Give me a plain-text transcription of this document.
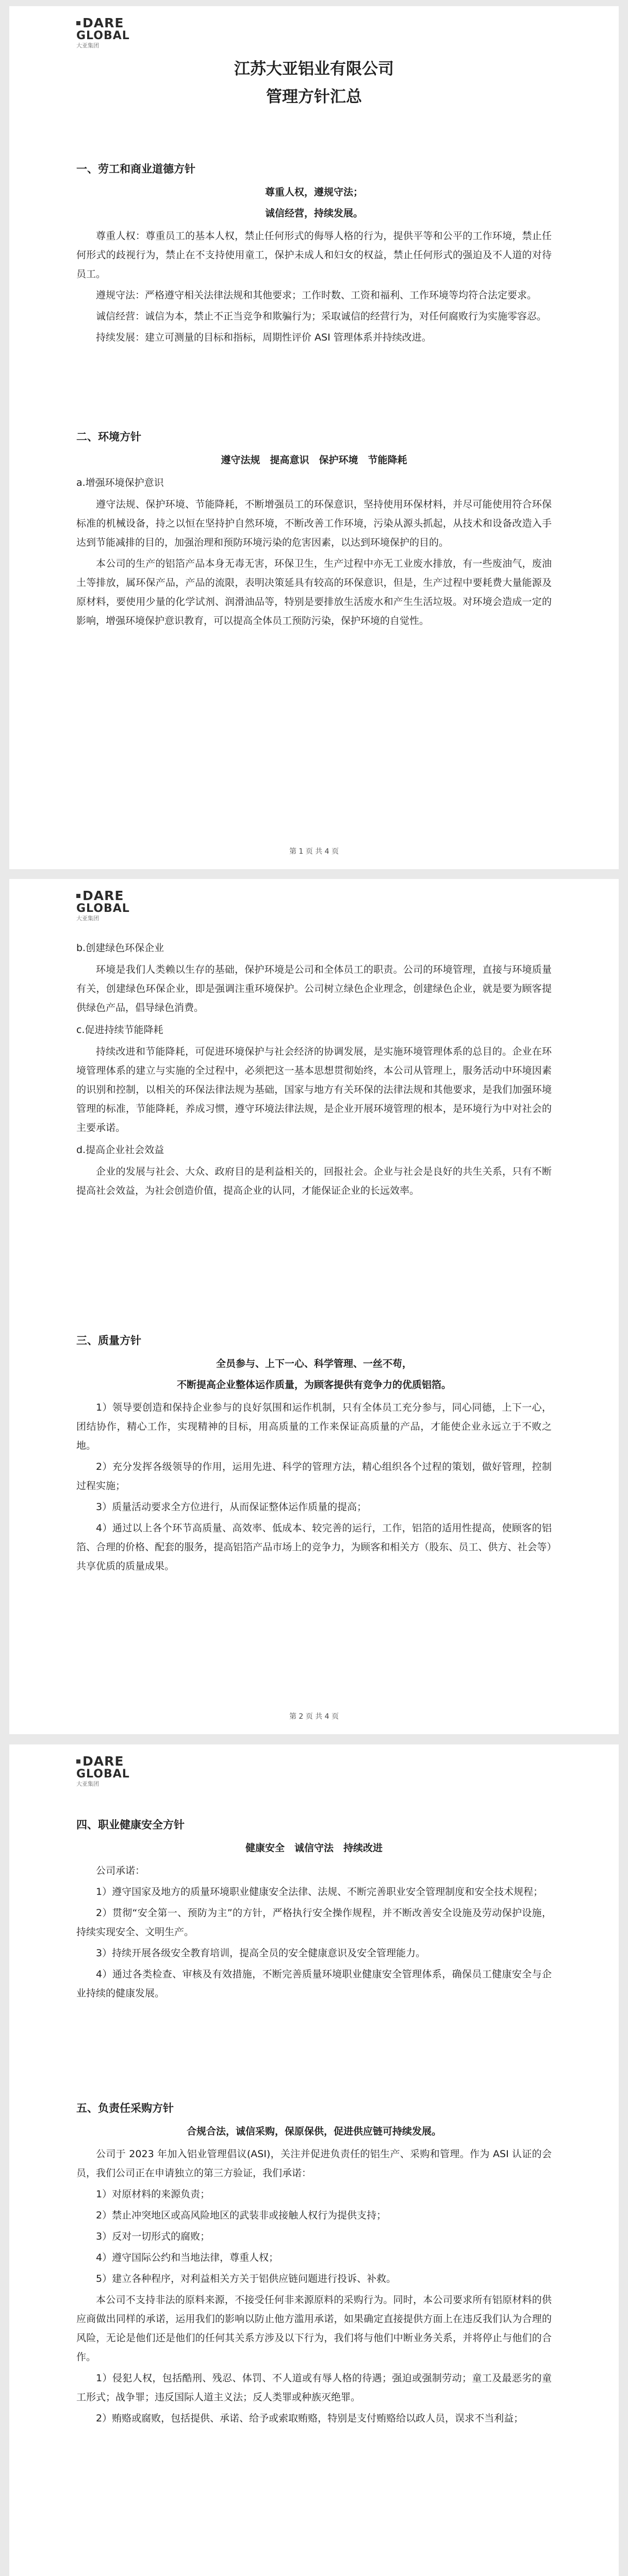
DARE
GLOBAL
大亚集团
江苏大亚铝业有限公司
管理方针汇总
一、劳工和商业道德方针
尊重人权，遵规守法；
诚信经营，持续发展。

尊重人权：尊重员工的基本人权，禁止任何形式的侮辱人格的行为，提供平等和公平的工作环境，禁止任何形式的歧视行为，禁止在不支持使用童工，保护未成人和妇女的权益，禁止任何形式的强迫及不人道的对待员工。

遵规守法：严格遵守相关法律法规和其他要求；工作时数、工资和福利、工作环境等均符合法定要求。

诚信经营：诚信为本，禁止不正当竞争和欺骗行为；采取诚信的经营行为，对任何腐败行为实施零容忍。

持续发展：建立可测量的目标和指标，周期性评价 ASI 管理体系并持续改进。

二、环境方针
遵守法规　提高意识　保护环境　节能降耗
a.增强环境保护意识

遵守法规、保护环境、节能降耗，不断增强员工的环保意识，坚持使用环保材料，并尽可能使用符合环保标准的机械设备，持之以恒在坚持护自然环境，不断改善工作环境，污染从源头抓起，从技术和设备改造入手达到节能减排的目的，加强治理和预防环境污染的危害因素，以达到环境保护的目的。

本公司的生产的铝箔产品本身无毒无害，环保卫生，生产过程中亦无工业废水排放，有一些废油气，废油土等排放，属环保产品，产品的流限，表明决策延具有较高的环保意识，但是，生产过程中要耗费大量能源及原材料，要使用少量的化学试剂、润滑油品等，特别是要排放生活废水和产生生活垃圾。对环境会造成一定的影响，增强环境保护意识教育，可以提高全体员工预防污染，保护环境的自觉性。

第 1 页 共 4 页
DARE
GLOBAL
大亚集团
b.创建绿色环保企业

环境是我们人类赖以生存的基础，保护环境是公司和全体员工的职责。公司的环境管理，直接与环境质量有关，创建绿色环保企业，即是强调注重环境保护。公司树立绿色企业理念，创建绿色企业，就是要为顾客提供绿色产品，倡导绿色消费。

c.促进持续节能降耗

持续改进和节能降耗，可促进环境保护与社会经济的协调发展，是实施环境管理体系的总目的。企业在环境管理体系的建立与实施的全过程中，必须把这一基本思想贯彻始终，本公司从管理上，服务活动中环境因素的识别和控制，以相关的环保法律法规为基础，国家与地方有关环保的法律法规和其他要求，是我们加强环境管理的标准，节能降耗，养成习惯，遵守环境法律法规，是企业开展环境管理的根本，是环境行为中对社会的主要承诺。

d.提高企业社会效益

企业的发展与社会、大众、政府目的是利益相关的，回报社会。企业与社会是良好的共生关系，只有不断提高社会效益，为社会创造价值，提高企业的认同，才能保证企业的长远效率。

三、质量方针
全员参与、上下一心、科学管理、一丝不苟，
不断提高企业整体运作质量，为顾客提供有竞争力的优质铝箔。

1）领导要创造和保持企业参与的良好氛围和运作机制，只有全体员工充分参与，同心同德，上下一心，团结协作，精心工作，实现精神的目标，用高质量的工作来保证高质量的产品，才能使企业永远立于不败之地。

2）充分发挥各级领导的作用，运用先进、科学的管理方法，精心组织各个过程的策划，做好管理，控制过程实施；

3）质量活动要求全方位进行，从而保证整体运作质量的提高；

4）通过以上各个环节高质量、高效率、低成本、较完善的运行，工作，铝箔的适用性提高，使顾客的铝箔、合理的价格、配套的服务，提高铝箔产品市场上的竞争力，为顾客和相关方（股东、员工、供方、社会等）共享优质的质量成果。

第 2 页 共 4 页
DARE
GLOBAL
大亚集团
四、职业健康安全方针
健康安全　诚信守法　持续改进

公司承诺：

1）遵守国家及地方的质量环境职业健康安全法律、法规、不断完善职业安全管理制度和安全技术规程；

2）贯彻“安全第一、预防为主”的方针，严格执行安全操作规程，并不断改善安全设施及劳动保护设施，持续实现安全、文明生产。

3）持续开展各级安全教育培训，提高全员的安全健康意识及安全管理能力。

4）通过各类检查、审核及有效措施，不断完善质量环境职业健康安全管理体系，确保员工健康安全与企业持续的健康发展。

五、负责任采购方针
合规合法，诚信采购，保原保供，促进供应链可持续发展。

公司于 2023 年加入铝业管理倡议(ASI)，关注并促进负责任的铝生产、采购和管理。作为 ASI 认证的会员，我们公司正在申请独立的第三方验证，我们承诺：

1）对原材料的来源负责；

2）禁止冲突地区或高风险地区的武装非或接触人权行为提供支持；

3）反对一切形式的腐败；

4）遵守国际公约和当地法律，尊重人权；

5）建立各种程序，对利益相关方关于铝供应链问题进行投诉、补救。

本公司不支持非法的原料来源，不接受任何非来源原料的采购行为。同时，本公司要求所有铝原材料的供应商做出同样的承诺，运用我们的影响以防止他方滥用承诺，如果确定直接提供方面上在违反我们认为合理的风险，无论是他们还是他们的任何其关系方涉及以下行为，我们将与他们中断业务关系，并将停止与他们的合作。

1）侵犯人权，包括酷刑、残忍、体罚、不人道或有辱人格的待遇；强迫或强制劳动；童工及最恶劣的童工形式；战争罪；违反国际人道主义法；反人类罪或种族灭绝罪。

2）贿赂或腐败，包括提供、承诺、给予或索取贿赂，特别是支付贿赂给以政人员，误求不当利益；
